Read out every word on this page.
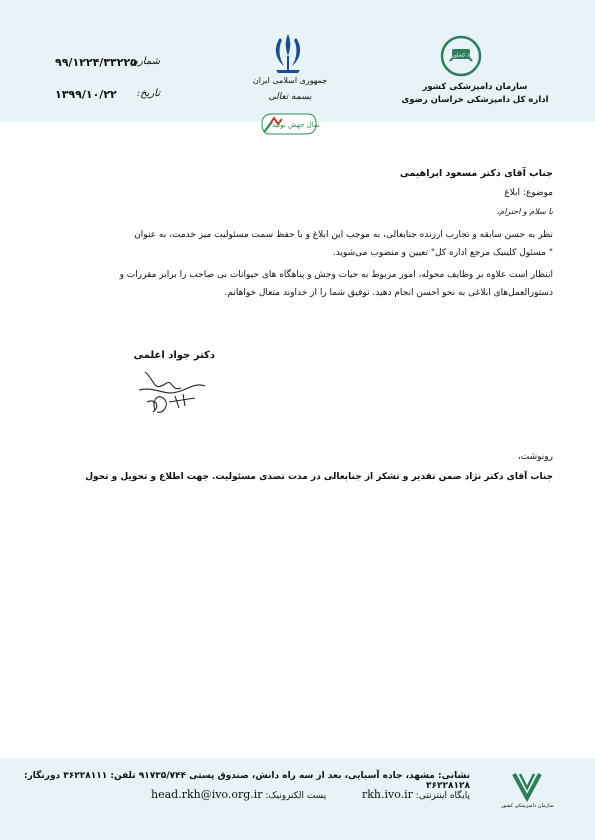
شماره:
۹۹/۱۲۲۴/۳۳۲۲۵
تاریخ:
۱۳۹۹/۱۰/۲۲
جمهوری اسلامی ایران
بسمه تعالی
جهاد کشاورزی
سازمان دامپزشکی کشور
اداره کل دامپزشکی خراسان رضوی
سال جهش تولید
جناب آقای دکتر مسعود ابراهیمی
موضوع: ابلاغ
با سلام و احترام،
نظر به حسن سابقه و تجارب ارزنده جنابعالی، به موجب این ابلاغ و با حفظ سمت مسئولیت میز خدمت، به عنوان
" مسئول کلینیک مرجع اداره کل" تعیین و منصوب می‌شوید.
انتظار است علاوه بر وظایف محوله، امور مربوط به حیات وحش و پناهگاه های حیوانات بی صاحب را برابر مقررات و
دستورالعمل‌های ابلاغی به نحو احسن انجام دهید. توفیق شما را از خداوند متعال خواهانم.
دکتر جواد اعلمی
رونوشت،
جناب آقای دکتر نژاد ضمن تقدیر و تشکر از جنابعالی در مدت تصدی مسئولیت. جهت اطلاع و تحویل و تحول
نشانی: مشهد، جاده آسیایی، بعد از سه راه دانش، صندوق پستی ۹۱۷۳۵/۷۴۴ تلفن: ۳۶۲۲۸۱۱۱ دورنگار: ۳۶۲۲۸۱۲۸
پایگاه اینترنتی: rkh.ivo.ir  پست الکترونیک: head.rkh@ivo.org.ir
سازمان دامپزشکی کشور
